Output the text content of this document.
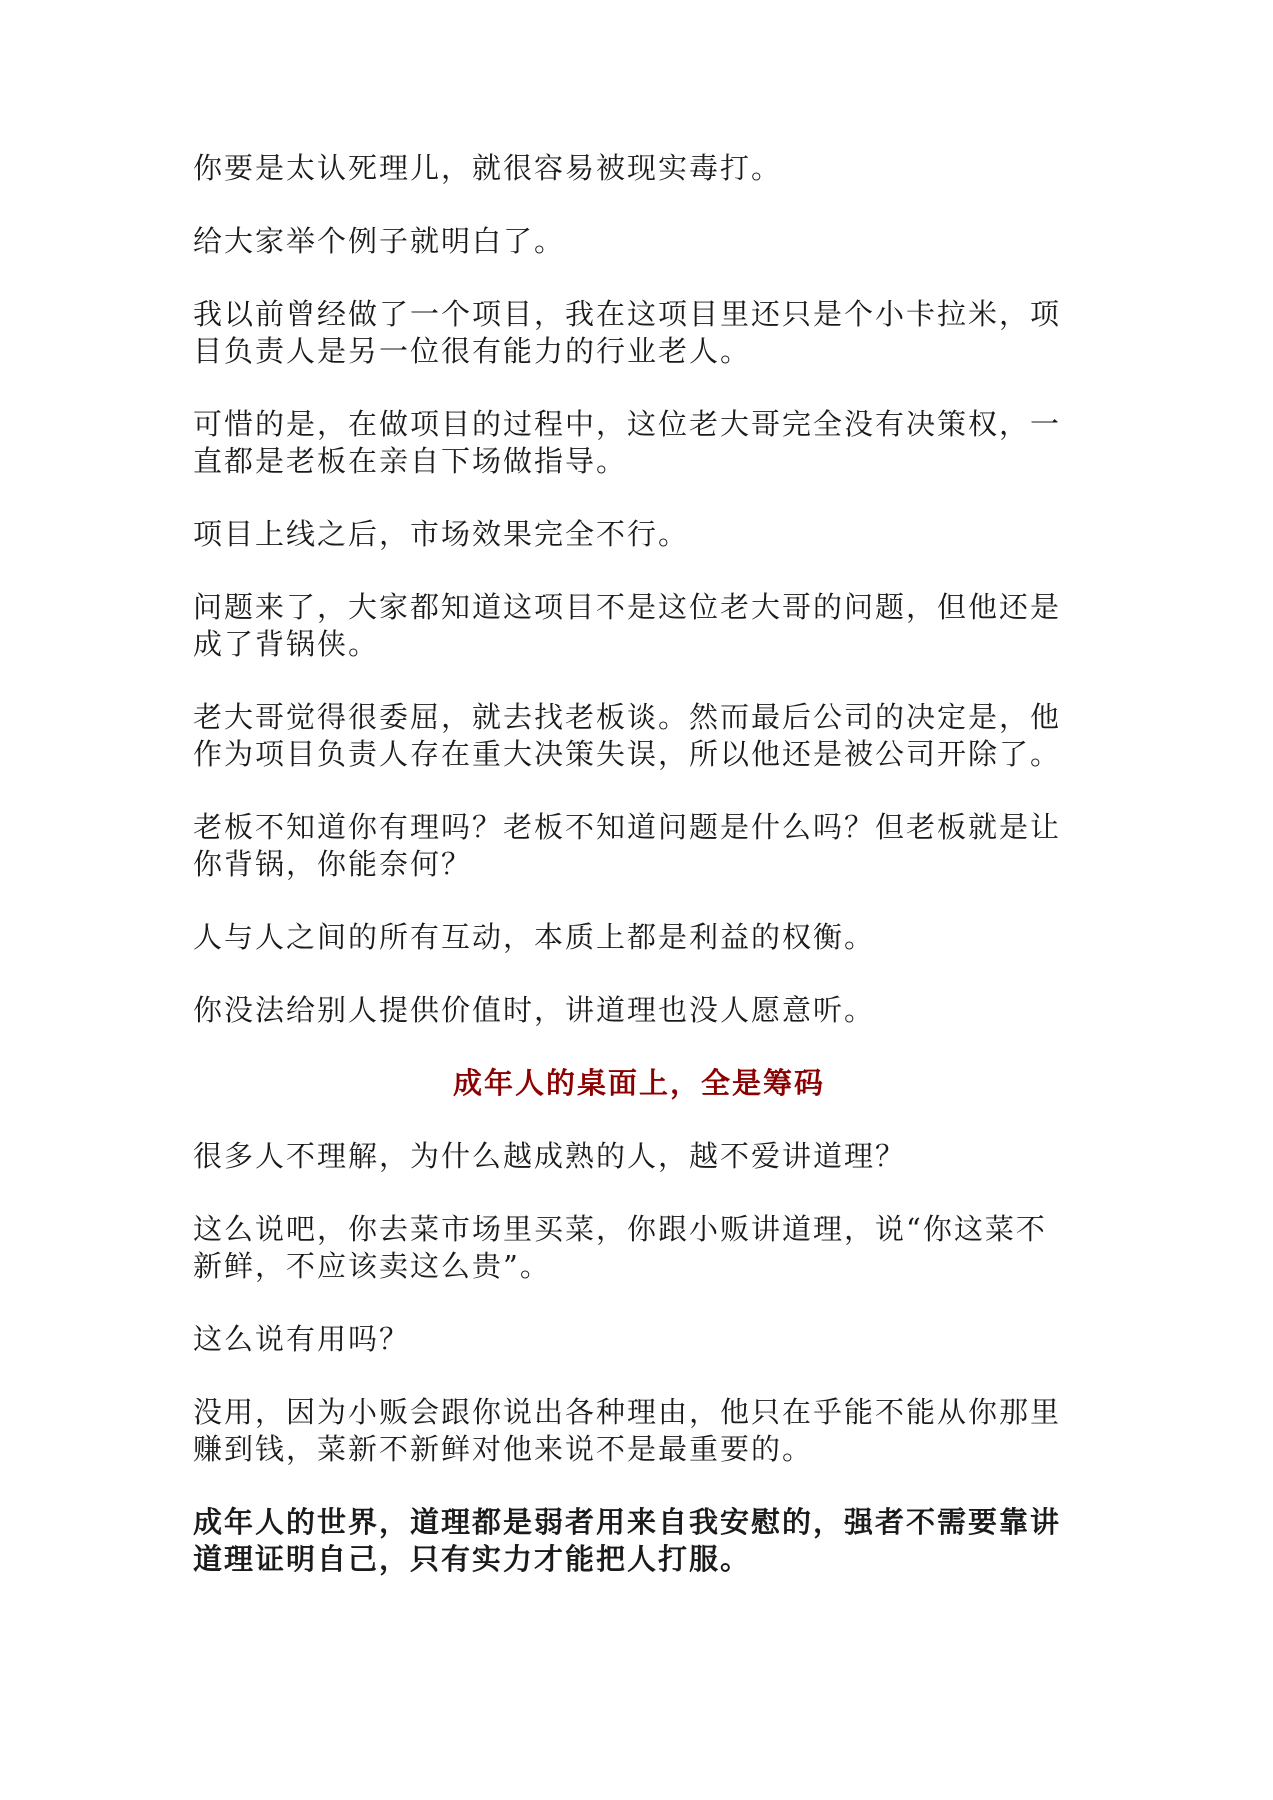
你要是太认死理儿，就很容易被现实毒打。

给大家举个例子就明白了。

我以前曾经做了一个项目，我在这项目里还只是个小卡拉米，项
目负责人是另一位很有能力的行业老人。

可惜的是，在做项目的过程中，这位老大哥完全没有决策权，一
直都是老板在亲自下场做指导。

项目上线之后，市场效果完全不行。

问题来了，大家都知道这项目不是这位老大哥的问题，但他还是
成了背锅侠。

老大哥觉得很委屈，就去找老板谈。然而最后公司的决定是，他
作为项目负责人存在重大决策失误，所以他还是被公司开除了。

老板不知道你有理吗？老板不知道问题是什么吗？但老板就是让
你背锅，你能奈何？

人与人之间的所有互动，本质上都是利益的权衡。

你没法给别人提供价值时，讲道理也没人愿意听。

成年人的桌面上，全是筹码

很多人不理解，为什么越成熟的人，越不爱讲道理？

这么说吧，你去菜市场里买菜，你跟小贩讲道理，说“你这菜不
新鲜，不应该卖这么贵”。

这么说有用吗？

没用，因为小贩会跟你说出各种理由，他只在乎能不能从你那里
赚到钱，菜新不新鲜对他来说不是最重要的。

成年人的世界，道理都是弱者用来自我安慰的，强者不需要靠讲
道理证明自己，只有实力才能把人打服。
